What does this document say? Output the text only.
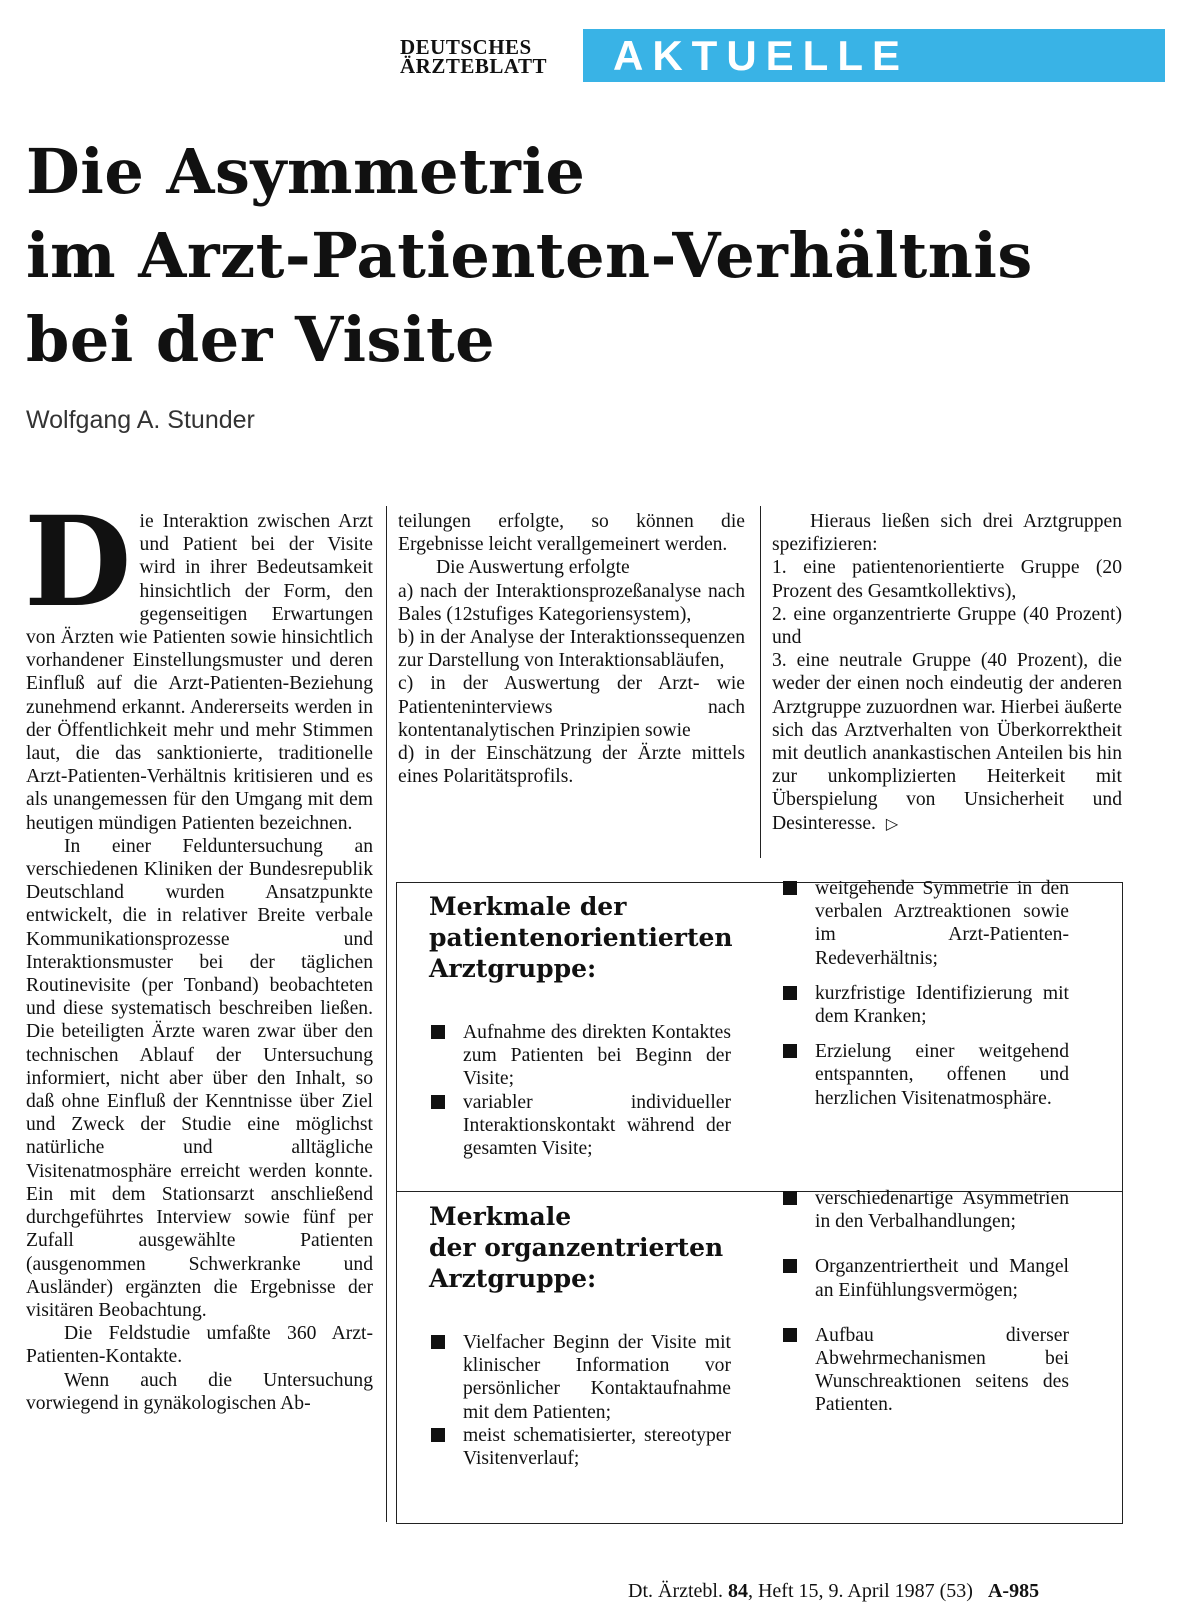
DEUTSCHES
ÄRZTEBLATT	AKTUELLE MEDIZIN
Die Asymmetrie
im Arzt-Patienten-Verhältnis
bei der Visite
Wolfgang A. Stunder

Die Interaktion zwischen Arzt und Patient bei der Visite wird in ihrer Bedeutsamkeit hinsichtlich der Form, den gegenseitigen Erwartungen von Ärzten wie Patienten sowie hinsichtlich vorhandener Einstellungsmuster und deren Einfluß auf die Arzt-Patienten-Beziehung zunehmend erkannt. Andererseits werden in der Öffentlichkeit mehr und mehr Stimmen laut, die das sanktionierte, traditionelle Arzt-Patienten-Verhältnis kritisieren und es als unangemessen für den Umgang mit dem heutigen mündigen Patienten bezeichnen.

In einer Felduntersuchung an verschiedenen Kliniken der Bundesrepublik Deutschland wurden Ansatzpunkte entwickelt, die in relativer Breite verbale Kommunikationsprozesse und Interaktionsmuster bei der täglichen Routinevisite (per Tonband) beobachteten und diese systematisch beschreiben ließen. Die beteiligten Ärzte waren zwar über den technischen Ablauf der Untersuchung informiert, nicht aber über den Inhalt, so daß ohne Einfluß der Kenntnisse über Ziel und Zweck der Studie eine möglichst natürliche und alltägliche Visitenatmosphäre erreicht werden konnte. Ein mit dem Stationsarzt anschließend durchgeführtes Interview sowie fünf per Zufall ausgewählte Patienten (ausgenommen Schwerkranke und Ausländer) ergänzten die Ergebnisse der visitären Beobachtung.

Die Feldstudie umfaßte 360 Arzt-Patienten-Kontakte.

Wenn auch die Untersuchung vorwiegend in gynäkologischen Ab-

teilungen erfolgte, so können die Ergebnisse leicht verallgemeinert werden.

Die Auswertung erfolgte

a) nach der Interaktionsprozeßanalyse nach Bales (12stufiges Kategoriensystem),

b) in der Analyse der Interaktionssequenzen zur Darstellung von Interaktionsabläufen,

c) in der Auswertung der Arzt- wie Patienteninterviews nach kontentanalytischen Prinzipien sowie

d) in der Einschätzung der Ärzte mittels eines Polaritätsprofils.

Hieraus ließen sich drei Arztgruppen spezifizieren:

1. eine patientenorientierte Gruppe (20 Prozent des Gesamtkollektivs),

2. eine organzentrierte Gruppe (40 Prozent) und

3. eine neutrale Gruppe (40 Prozent), die weder der einen noch eindeutig der anderen Arztgruppe zuzuordnen war. Hierbei äußerte sich das Arztverhalten von Überkorrektheit mit deutlich anankastischen Anteilen bis hin zur unkomplizierten Heiterkeit mit Überspielung von Unsicherheit und Desinteresse. ▷

Merkmale der
patientenorientierten
Arztgruppe:
Aufnahme des direkten Kontaktes zum Patienten bei Beginn der Visite;
variabler individueller Interaktionskontakt während der gesamten Visite;
weitgehende Symmetrie in den verbalen Arztreaktionen sowie im Arzt-Patienten-Redeverhältnis;
kurzfristige Identifizierung mit dem Kranken;
Erzielung einer weitgehend entspannten, offenen und herzlichen Visitenatmosphäre.
Merkmale
der organzentrierten
Arztgruppe:
Vielfacher Beginn der Visite mit klinischer Information vor persönlicher Kontaktaufnahme mit dem Patienten;
meist schematisierter, stereotyper Visitenverlauf;
verschiedenartige Asymmetrien in den Verbalhandlungen;
Organzentriertheit und Mangel an Einfühlungsvermögen;
Aufbau diverser Abwehrmechanismen bei Wunschreaktionen seitens des Patienten.
Dt. Ärztebl. 84, Heft 15, 9. April 1987 (53) A-985
